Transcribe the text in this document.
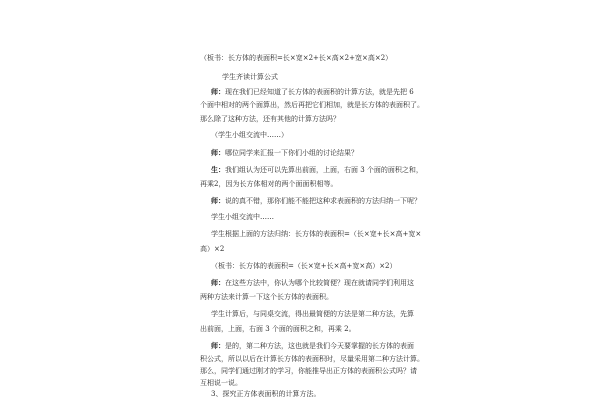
（板书：长方体的表面积=长×宽×2+长×高×2+宽×高×2）
学生齐读计算公式
师：现在我们已经知道了长方体的表面积的计算方法，就是先把 6
个面中相对的两个面算出，然后再把它们相加，就是长方体的表面积了。
那么除了这种方法，还有其他的计算方法吗？
（学生小组交流中……）
师：哪位同学来汇报一下你们小组的讨论结果？
生：我们组认为还可以先算出前面，上面，右面 3 个面的面积之和，
再乘2，因为长方体相对的两个面面积相等。
师：说的真不错，那你们能不能把这种求表面积的方法归纳一下呢？
学生小组交流中……
学生根据上面的方法归纳：长方体的表面积=（长×宽+长×高+宽×
高）×2
（板书：长方体的表面积=（长×宽+长×高+宽×高）×2）
师：在这些方法中，你认为哪个比较简便？现在就请同学们利用这
两种方法来计算一下这个长方体的表面积。
学生计算后，与同桌交流，得出最简便的方法是第二种方法，先算
出前面，上面，右面 3 个面的面积之和，再乘 2。
师：是的，第二种方法，这也就是我们今天要掌握的长方体的表面
积公式，所以以后在计算长方体的表面积时，尽量采用第二种方法计算。
那么，同学们通过刚才的学习，你能推导出正方体的表面积公式吗？请
互相说一说。
3、探究正方体表面积的计算方法。
